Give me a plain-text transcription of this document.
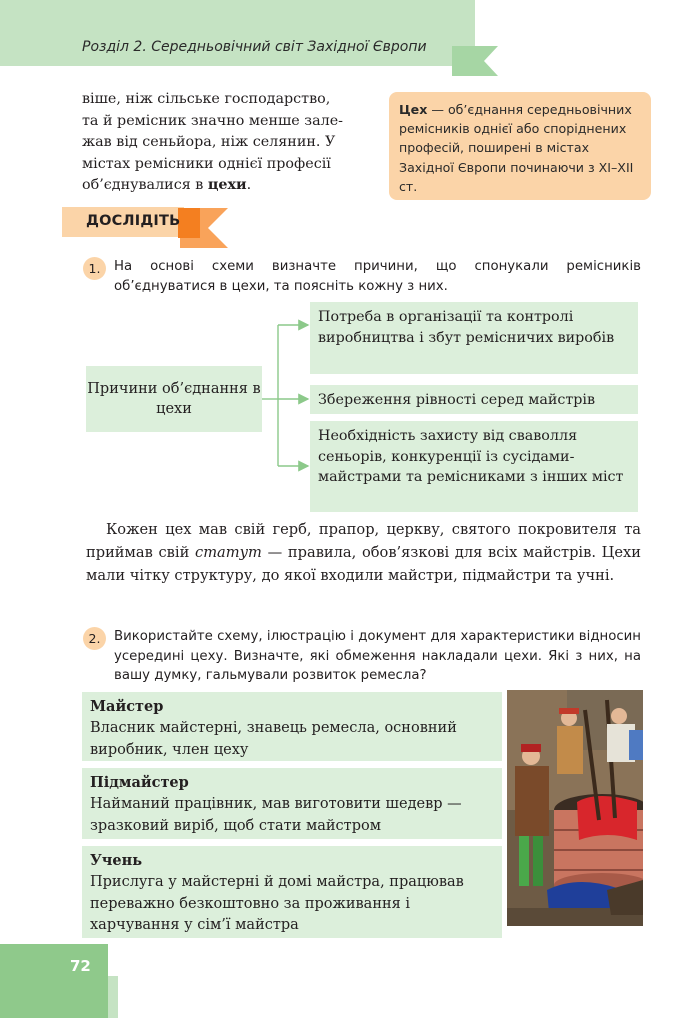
Розділ 2. Середньовічний світ Західної Європи

віше, ніж сільське господарство,

та й ремісник значно менше зале-

жав від сеньйора, ніж селянин. У

містах ремісники однієї професії

об’єднувалися в цехи.

Цех — об’єднання середньовічних ремісників однієї або споріднених професій, поширені в містах Західної Європи починаючи з XI–XII ст.
ДОСЛІДІТЬ
1.	На основі схеми визначте причини, що спонукали ремісників об’єднуватися в цехи, та поясніть кожну з них.
Причини об’єднання в цехи
Потреба в організації та контролі виробництва і збут ремісничих виробів
Збереження рівності серед майстрів
Необхідність захисту від сваволля сеньорів, конкуренції із сусідами-майстрами та ремісниками з інших міст
Кожен цех мав свій герб, прапор, церкву, святого покровителя та приймав свій статут — правила, обов’язкові для всіх майстрів. Цехи мали чітку структуру, до якої входили майстри, підмайстри та учні.
2.	Використайте схему, ілюстрацію і документ для характеристики відносин усередині цеху. Визначте, які обмеження накладали цехи. Які з них, на вашу думку, гальмували розвиток ремесла?
Майстер
Власник майстерні, знавець ремесла, основний виробник, член цеху
Підмайстер
Найманий працівник, мав виготовити шедевр — зразковий виріб, щоб стати майстром
Учень
Прислуга у майстерні й домі майстра, працював переважно безкоштовно за проживання і харчування у сім’ї майстра
72
